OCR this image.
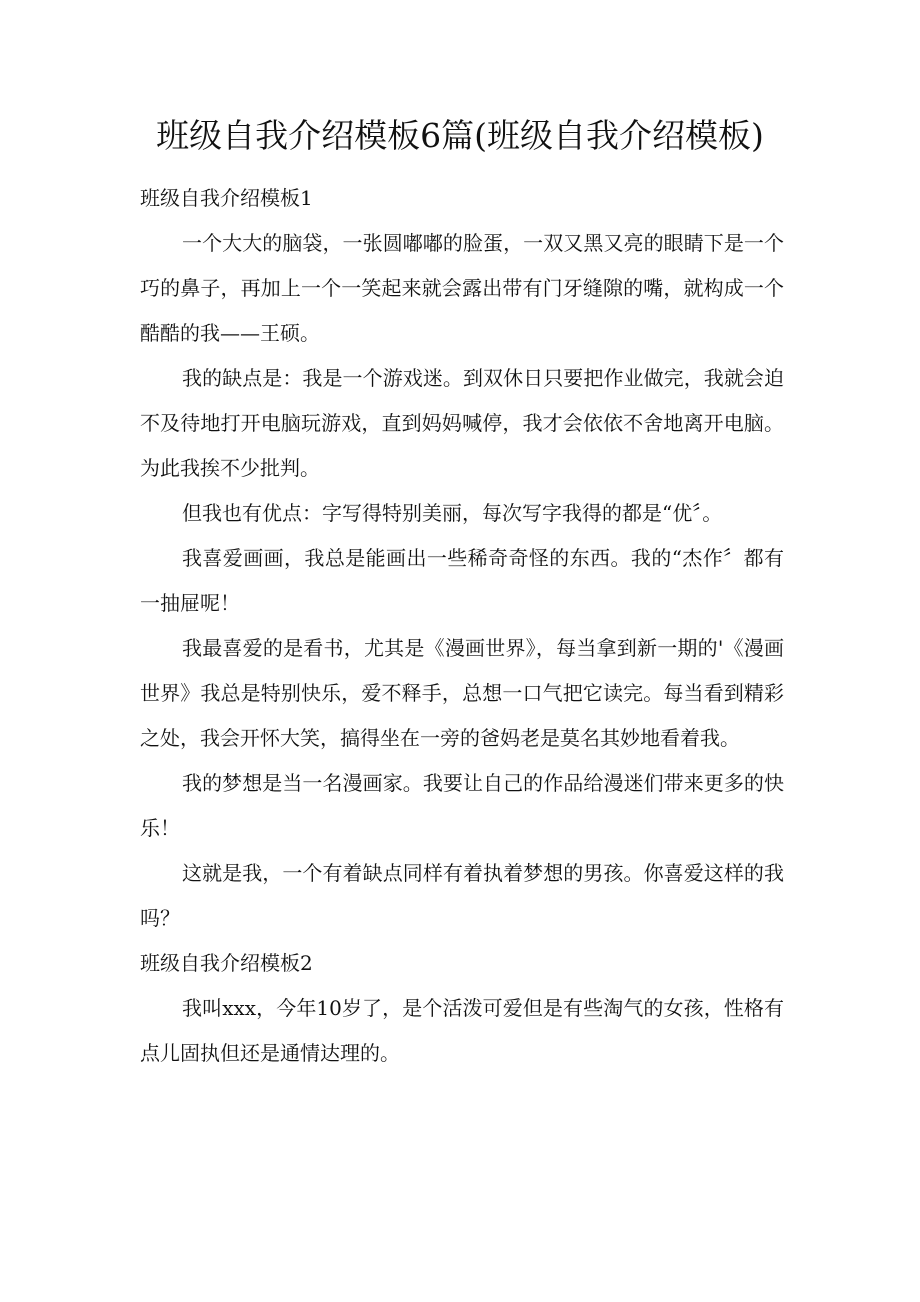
班级自我介绍模板6篇(班级自我介绍模板)
班级自我介绍模板1

一个大大的脑袋，一张圆嘟嘟的脸蛋，一双又黑又亮的眼睛下是一个巧的鼻子，再加上一个一笑起来就会露出带有门牙缝隙的嘴，就构成一个酷酷的我——王硕。

我的缺点是：我是一个游戏迷。到双休日只要把作业做完，我就会迫不及待地打开电脑玩游戏，直到妈妈喊停，我才会依依不舍地离开电脑。为此我挨不少批判。

但我也有优点：字写得特别美丽，每次写字我得的都是“优〞。

我喜爱画画，我总是能画出一些稀奇奇怪的东西。我的“杰作〞都有一抽屉呢！

我最喜爱的是看书，尤其是《漫画世界》，每当拿到新一期的'《漫画世界》我总是特别快乐，爱不释手，总想一口气把它读完。每当看到精彩之处，我会开怀大笑，搞得坐在一旁的爸妈老是莫名其妙地看着我。

我的梦想是当一名漫画家。我要让自己的作品给漫迷们带来更多的快乐！

这就是我，一个有着缺点同样有着执着梦想的男孩。你喜爱这样的我吗？

班级自我介绍模板2

我叫xxx，今年10岁了，是个活泼可爱但是有些淘气的女孩，性格有点儿固执但还是通情达理的。
